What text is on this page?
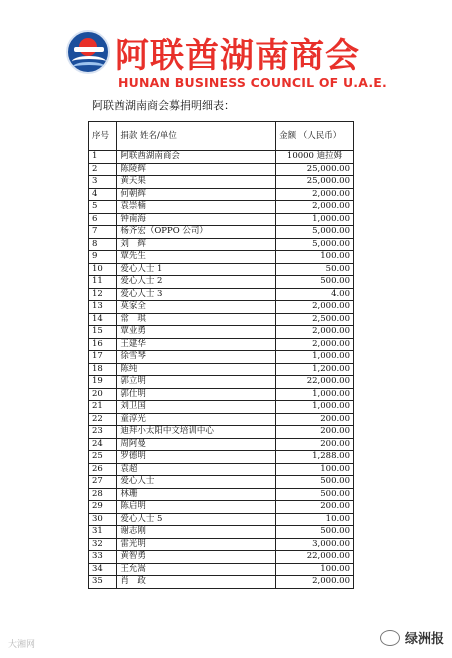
阿联酋湖南商会
HUNAN BUSINESS COUNCIL OF U.A.E.
阿联酋湖南商会募捐明细表：
序号	捐款 姓名/单位	金额 （人民币）
1	阿联酋湖南商会	10000 迪拉姆
2	陈陵辉	25,000.00
3	黄天果	25,000.00
4	何朝辉	2,000.00
5	袁崇楠	2,000.00
6	钟南海	1,000.00
7	杨齐宏（OPPO 公司）	5,000.00
8	刘　辉	5,000.00
9	覃先生	100.00
10	爱心人士 1	50.00
11	爱心人士 2	500.00
12	爱心人士 3	4.00
13	莫家全	2,000.00
14	常　琪	2,500.00
15	覃业勇	2,000.00
16	王建华	2,000.00
17	徐雪琴	1,000.00
18	陈纯	1,200.00
19	郭立明	22,000.00
20	郭仕明	1,000.00
21	刘卫国	1,000.00
22	童淳光	200.00
23	迪拜小太阳中文培训中心	200.00
24	周阿曼	200.00
25	罗德明	1,288.00
26	袁超	100.00
27	爱心人士	500.00
28	林珊	500.00
29	陈启明	200.00
30	爱心人士 5	10.00
31	谢志刚	500.00
32	雷光明	3,000.00
33	黄智勇	22,000.00
34	王允嵩	100.00
35	肖　政	2,000.00
大湘网	绿洲报
